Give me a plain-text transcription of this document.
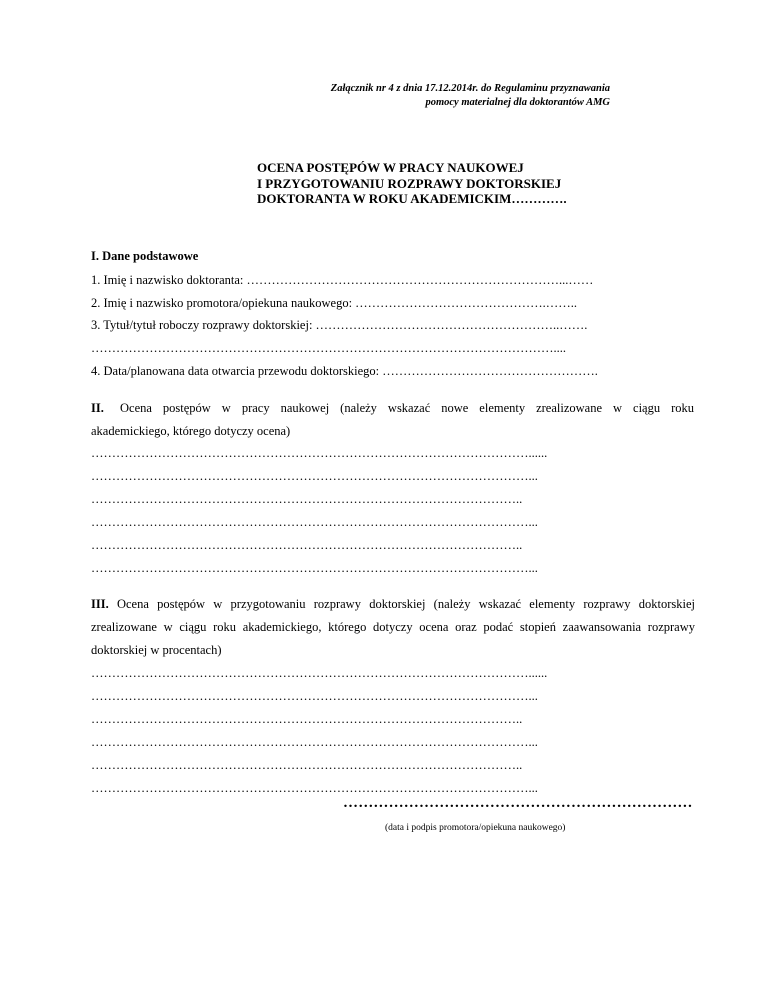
Załącznik nr 4 z dnia 17.12.2014r. do Regulaminu przyznawania
pomocy materialnej dla doktorantów AMG
OCENA POSTĘPÓW W PRACY NAUKOWEJ
I PRZYGOTOWANIU ROZPRAWY DOKTORSKIEJ
DOKTORANTA W ROKU AKADEMICKIM………….
I. Dane podstawowe
1. Imię i nazwisko doktoranta: …………………………………………………………………...……
2. Imię i nazwisko promotora/opiekuna naukowego: ……………………………………….……..
3. Tytuł/tytuł roboczy rozprawy doktorskiej: …………………………………………………..…….
…………………………………………………………………………………………………....
4. Data/planowana data otwarcia przewodu doktorskiego: …………………………………………….
II. Ocena postępów w pracy naukowej (należy wskazać nowe elementy zrealizowane w ciągu roku
akademickiego, którego dotyczy ocena)
……………………………………………………………………………………………......
……………………………………………………………………………………………...
…………………………………………………………………………………………..
……………………………………………………………………………………………...
…………………………………………………………………………………………..
……………………………………………………………………………………………...
III. Ocena postępów w przygotowaniu rozprawy doktorskiej (należy wskazać elementy rozprawy doktorskiej
zrealizowane w ciągu roku akademickiego, którego dotyczy ocena oraz podać stopień zaawansowania rozprawy
doktorskiej w procentach)
……………………………………………………………………………………………......
……………………………………………………………………………………………...
…………………………………………………………………………………………..
……………………………………………………………………………………………...
…………………………………………………………………………………………..
……………………………………………………………………………………………...
……………………………………………………………
(data i podpis promotora/opiekuna naukowego)
